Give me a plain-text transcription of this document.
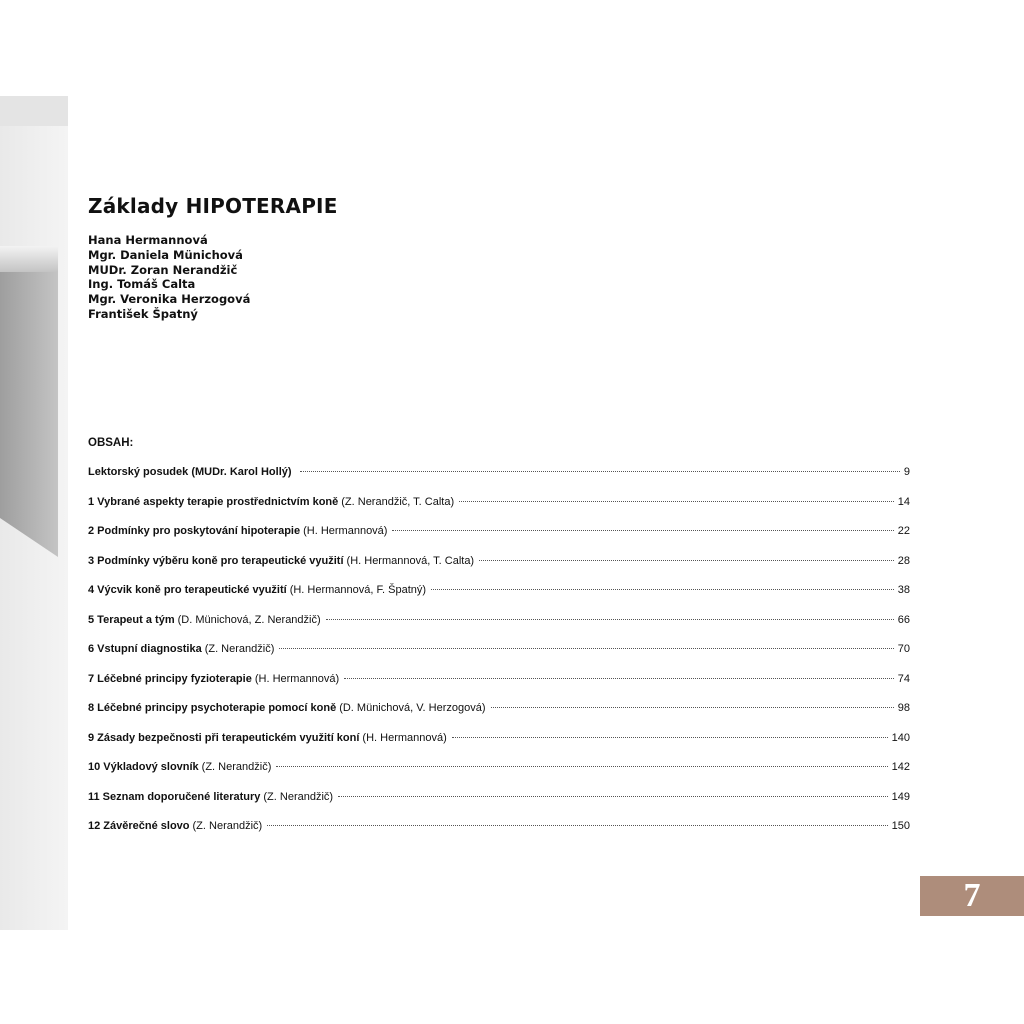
Základy HIPOTERAPIE
Hana Hermannová
Mgr. Daniela Münichová
MUDr. Zoran Nerandžič
Ing. Tomáš Calta
Mgr. Veronika Herzogová
František Špatný
OBSAH:
Lektorský posudek (MUDr. Karol Hollý)	9
1 Vybrané aspekty terapie prostřednictvím koně (Z. Nerandžič, T. Calta)	14
2 Podmínky pro poskytování hipoterapie (H. Hermannová)	22
3 Podmínky výběru koně pro terapeutické využití (H. Hermannová, T. Calta)	28
4 Výcvik koně pro terapeutické využití (H. Hermannová, F. Špatný)	38
5 Terapeut a tým (D. Münichová, Z. Nerandžič)	66
6 Vstupní diagnostika (Z. Nerandžič)	70
7 Léčebné principy fyzioterapie (H. Hermannová)	74
8 Léčebné principy psychoterapie pomocí koně (D. Münichová, V. Herzogová)	98
9 Zásady bezpečnosti při terapeutickém využití koní (H. Hermannová)	140
10 Výkladový slovník (Z. Nerandžič)	142
11 Seznam doporučené literatury (Z. Nerandžič)	149
12 Závěrečné slovo (Z. Nerandžič)	150
7
